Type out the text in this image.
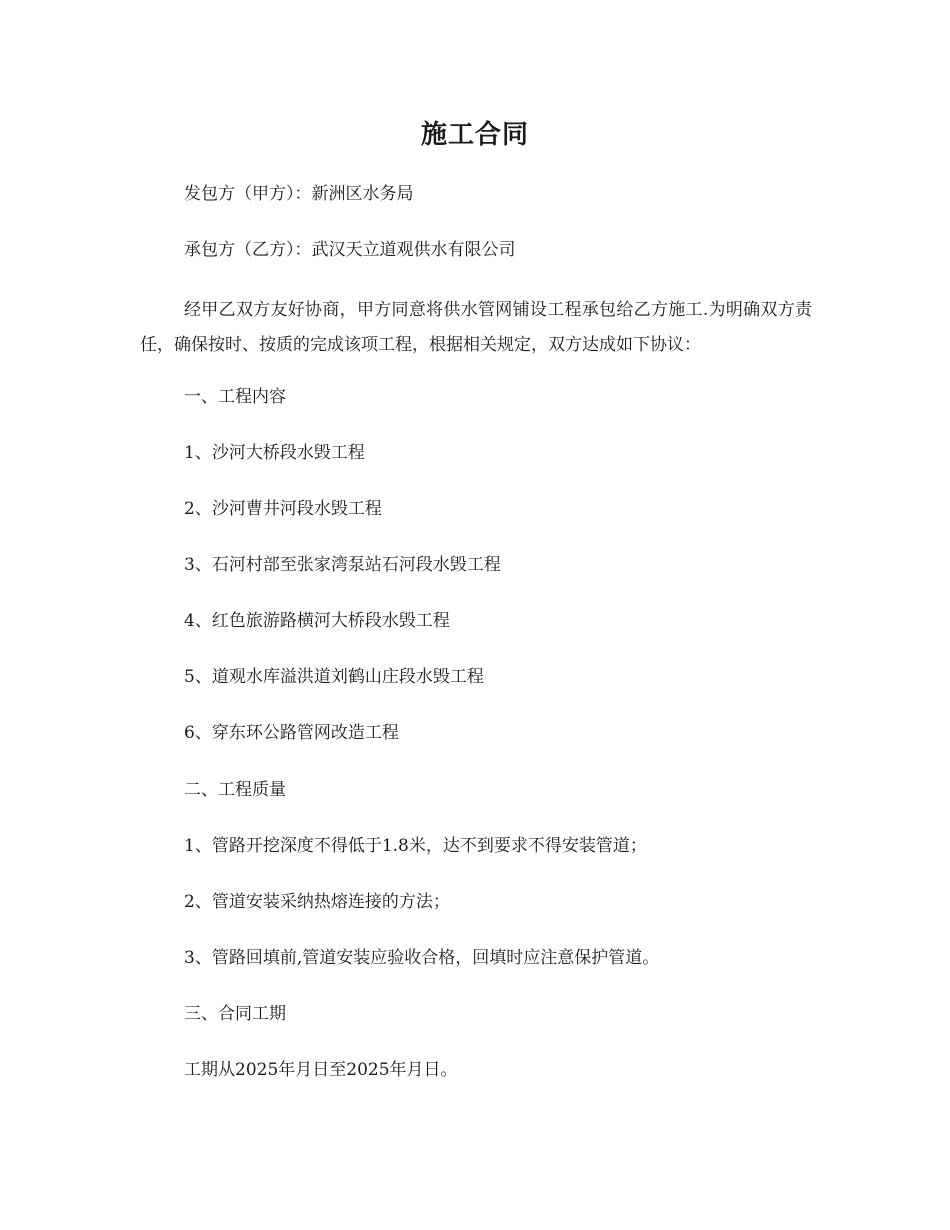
施工合同

发包方（甲方）：新洲区水务局

承包方（乙方）：武汉天立道观供水有限公司

经甲乙双方友好协商，甲方同意将供水管网铺设工程承包给乙方施工.为明确双方责任，确保按时、按质的完成该项工程，根据相关规定，双方达成如下协议：

一、工程内容

1、沙河大桥段水毁工程

2、沙河曹井河段水毁工程

3、石河村部至张家湾泵站石河段水毁工程

4、红色旅游路横河大桥段水毁工程

5、道观水库溢洪道刘鹤山庄段水毁工程

6、穿东环公路管网改造工程

二、工程质量

1、管路开挖深度不得低于1.8米，达不到要求不得安装管道；

2、管道安装采纳热熔连接的方法；

3、管路回填前,管道安装应验收合格，回填时应注意保护管道。

三、合同工期

工期从2025年月日至2025年月日。
